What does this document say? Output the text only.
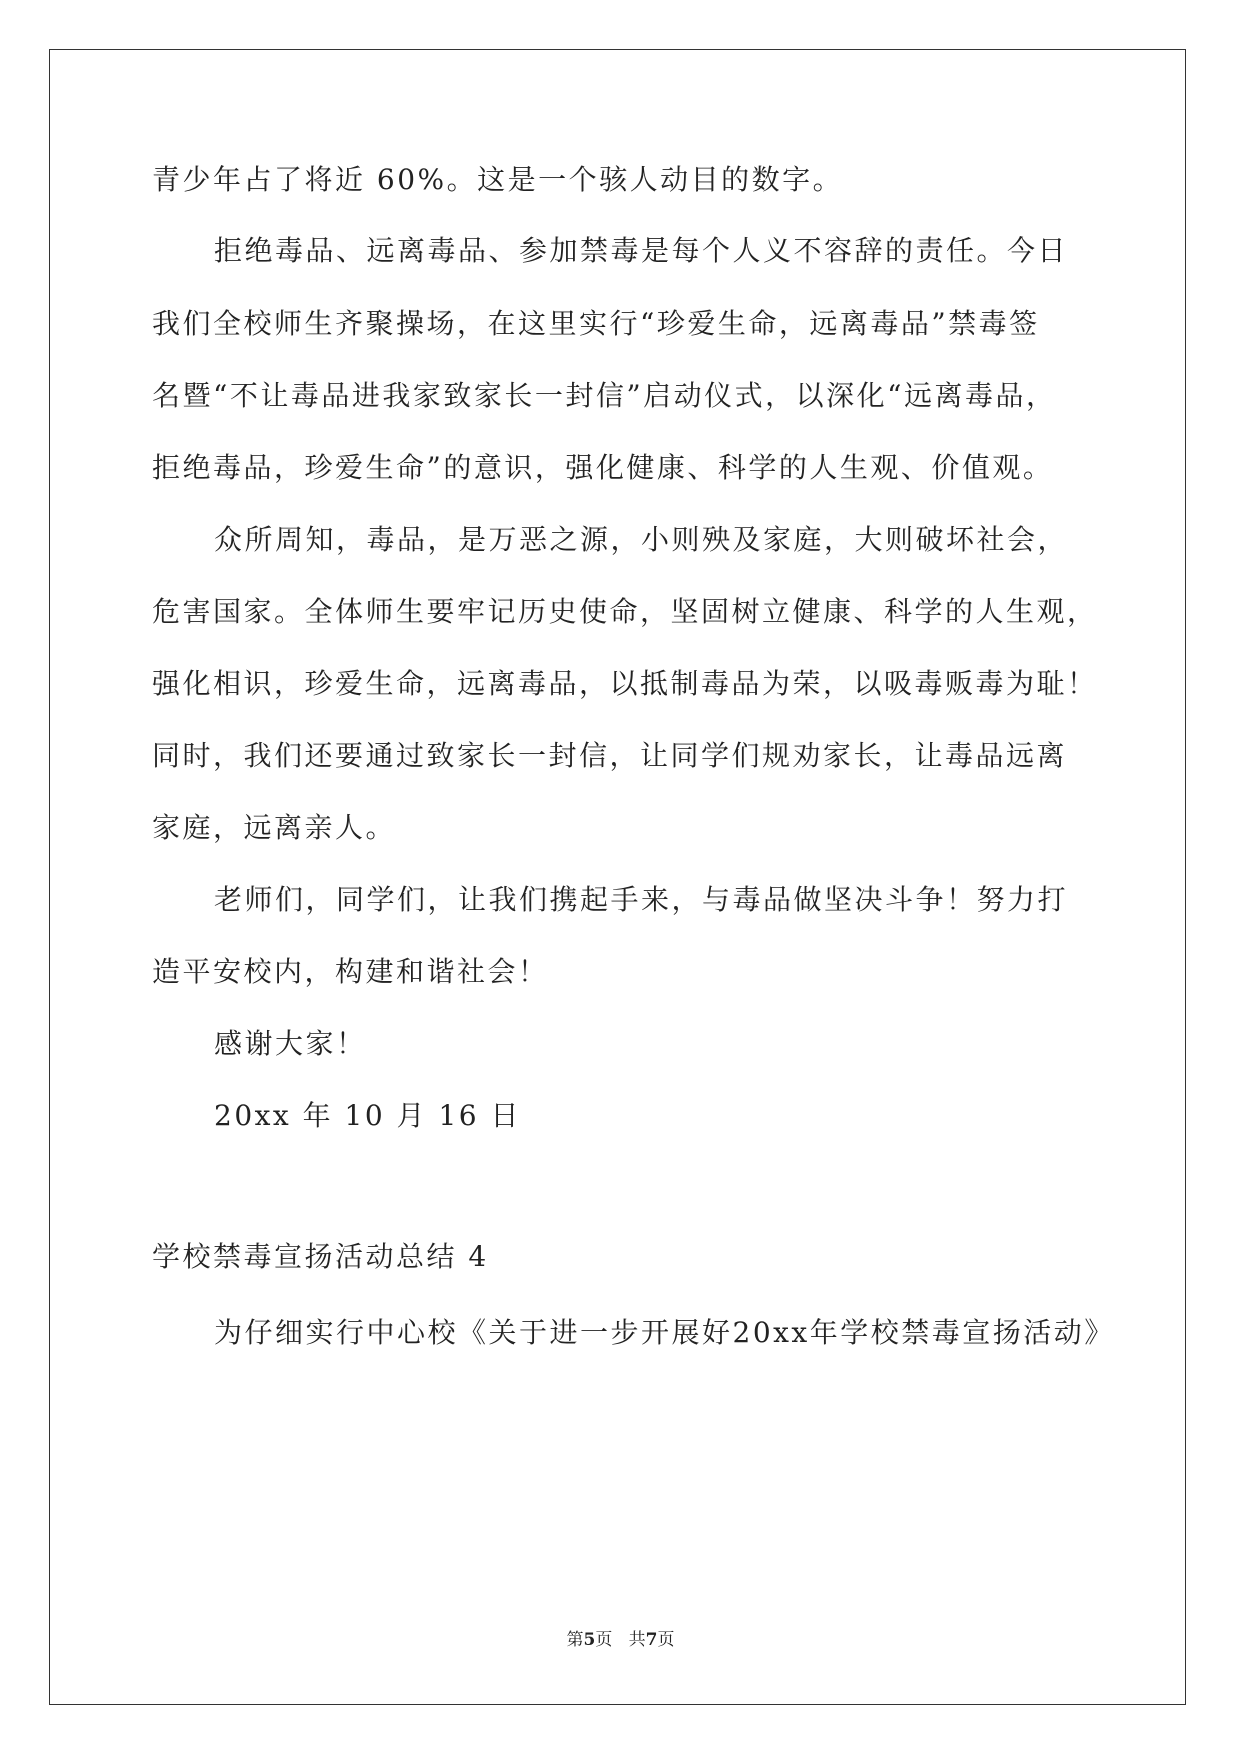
青少年占了将近 60%。这是一个骇人动目的数字。
拒绝毒品、远离毒品、参加禁毒是每个人义不容辞的责任。今日
我们全校师生齐聚操场，在这里实行“珍爱生命，远离毒品”禁毒签
名暨“不让毒品进我家致家长一封信”启动仪式，以深化“远离毒品，
拒绝毒品，珍爱生命”的意识，强化健康、科学的人生观、价值观。
众所周知，毒品，是万恶之源，小则殃及家庭，大则破坏社会，
危害国家。全体师生要牢记历史使命，坚固树立健康、科学的人生观，
强化相识，珍爱生命，远离毒品，以抵制毒品为荣，以吸毒贩毒为耻！
同时，我们还要通过致家长一封信，让同学们规劝家长，让毒品远离
家庭，远离亲人。
老师们，同学们，让我们携起手来，与毒品做坚决斗争！努力打
造平安校内，构建和谐社会！
感谢大家！
20xx 年 10 月 16 日
学校禁毒宣扬活动总结 4
为仔细实行中心校《关于进一步开展好20xx年学校禁毒宣扬活动》
第5页 共7页
